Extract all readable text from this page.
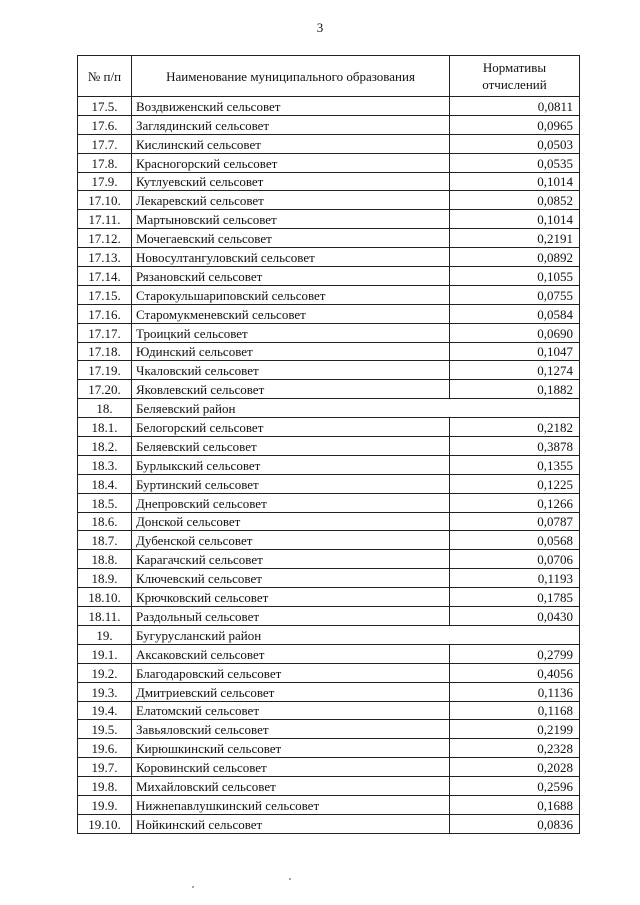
3
№ п/п	Наименование муниципального образования	Нормативы отчислений
17.5.	Воздвиженский сельсовет	0,0811
17.6.	Заглядинский сельсовет	0,0965
17.7.	Кислинский сельсовет	0,0503
17.8.	Красногорский сельсовет	0,0535
17.9.	Кутлуевский сельсовет	0,1014
17.10.	Лекаревский сельсовет	0,0852
17.11.	Мартыновский сельсовет	0,1014
17.12.	Мочегаевский сельсовет	0,2191
17.13.	Новосултангуловский сельсовет	0,0892
17.14.	Рязановский сельсовет	0,1055
17.15.	Старокульшариповский сельсовет	0,0755
17.16.	Старомукменевский сельсовет	0,0584
17.17.	Троицкий сельсовет	0,0690
17.18.	Юдинский сельсовет	0,1047
17.19.	Чкаловский сельсовет	0,1274
17.20.	Яковлевский сельсовет	0,1882
18.	Беляевский район	
18.1.	Белогорский сельсовет	0,2182
18.2.	Беляевский сельсовет	0,3878
18.3.	Бурлыкский сельсовет	0,1355
18.4.	Буртинский сельсовет	0,1225
18.5.	Днепровский сельсовет	0,1266
18.6.	Донской сельсовет	0,0787
18.7.	Дубенской сельсовет	0,0568
18.8.	Карагачский сельсовет	0,0706
18.9.	Ключевский сельсовет	0,1193
18.10.	Крючковский сельсовет	0,1785
18.11.	Раздольный сельсовет	0,0430
19.	Бугурусланский район	
19.1.	Аксаковский сельсовет	0,2799
19.2.	Благодаровский сельсовет	0,4056
19.3.	Дмитриевский сельсовет	0,1136
19.4.	Елатомский сельсовет	0,1168
19.5.	Завьяловский сельсовет	0,2199
19.6.	Кирюшкинский сельсовет	0,2328
19.7.	Коровинский сельсовет	0,2028
19.8.	Михайловский сельсовет	0,2596
19.9.	Нижнепавлушкинский сельсовет	0,1688
19.10.	Нойкинский сельсовет	0,0836
